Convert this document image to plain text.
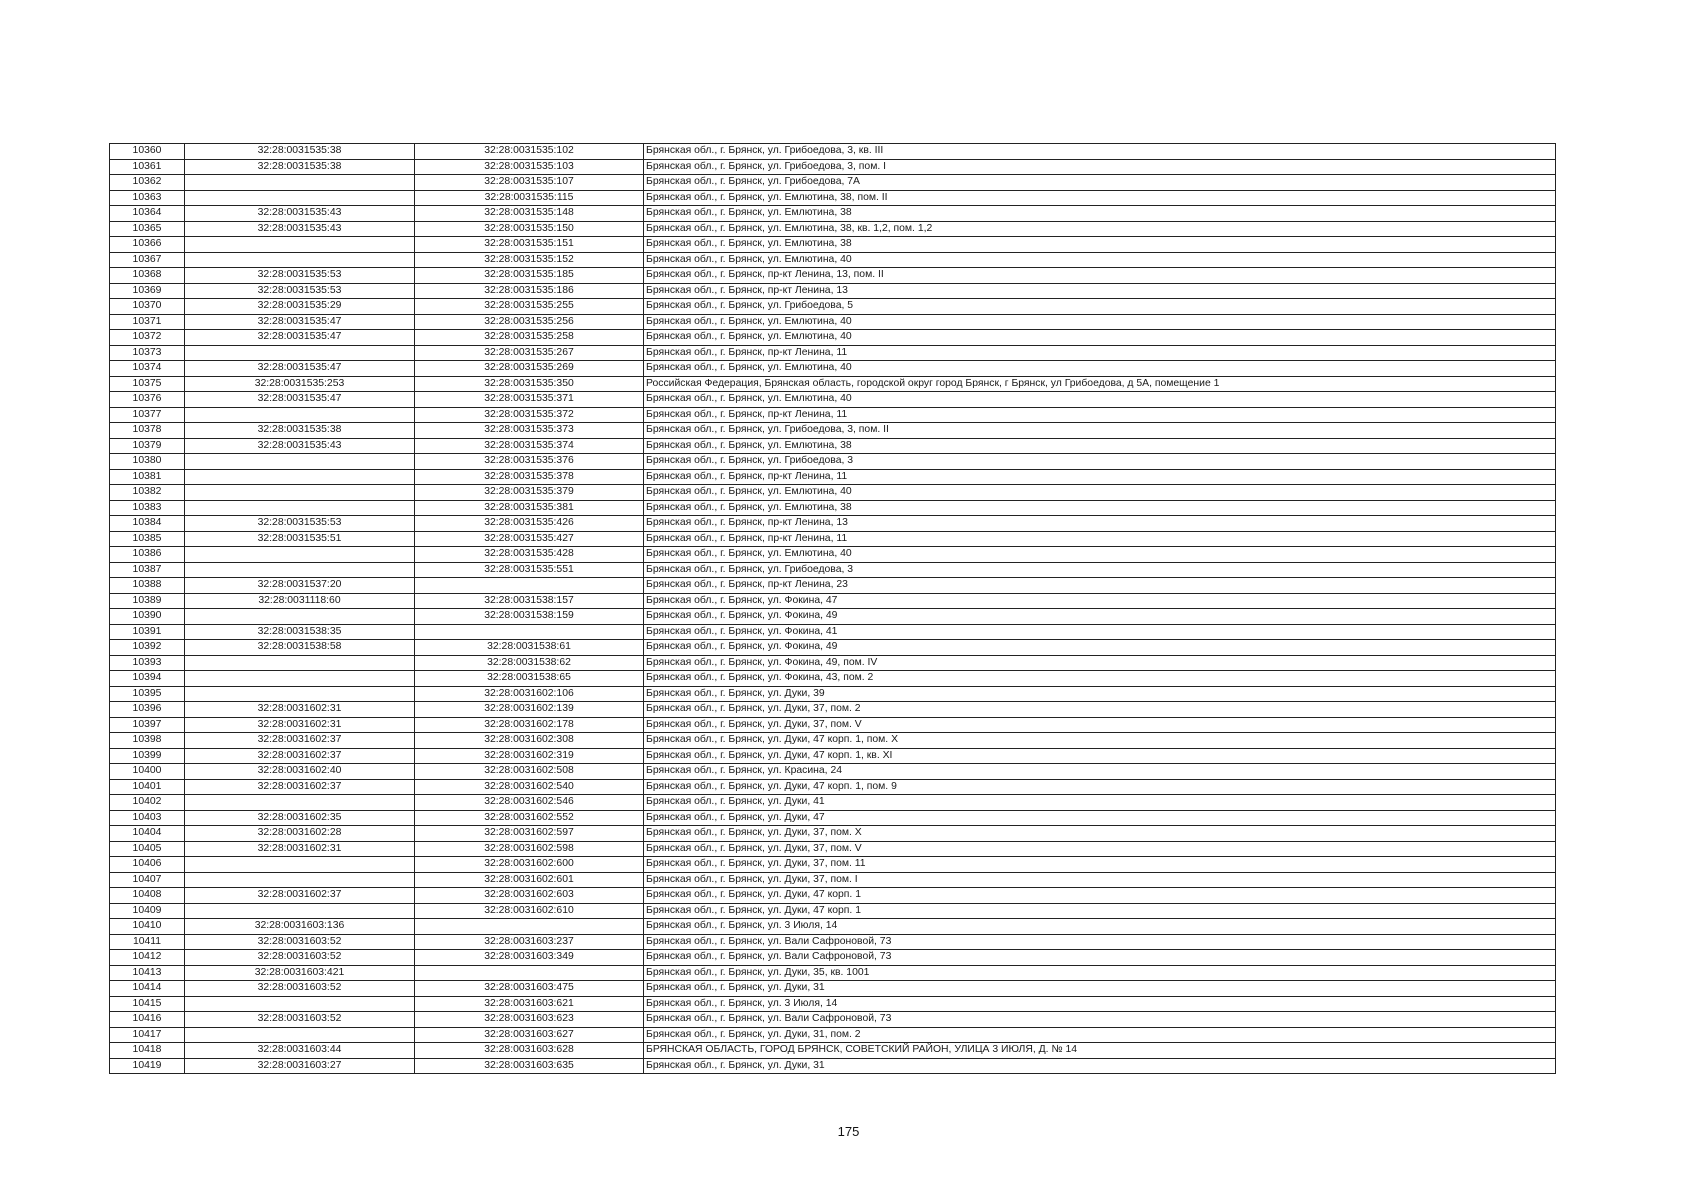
10360	32:28:0031535:38	32:28:0031535:102	Брянская обл., г. Брянск, ул. Грибоедова, 3, кв. III
10361	32:28:0031535:38	32:28:0031535:103	Брянская обл., г. Брянск, ул. Грибоедова, 3, пом. I
10362		32:28:0031535:107	Брянская обл., г. Брянск, ул. Грибоедова, 7А
10363		32:28:0031535:115	Брянская обл., г. Брянск, ул. Емлютина, 38, пом. II
10364	32:28:0031535:43	32:28:0031535:148	Брянская обл., г. Брянск, ул. Емлютина, 38
10365	32:28:0031535:43	32:28:0031535:150	Брянская обл., г. Брянск, ул. Емлютина, 38, кв. 1,2, пом. 1,2
10366		32:28:0031535:151	Брянская обл., г. Брянск, ул. Емлютина, 38
10367		32:28:0031535:152	Брянская обл., г. Брянск, ул. Емлютина, 40
10368	32:28:0031535:53	32:28:0031535:185	Брянская обл., г. Брянск, пр-кт Ленина, 13, пом. II
10369	32:28:0031535:53	32:28:0031535:186	Брянская обл., г. Брянск, пр-кт Ленина, 13
10370	32:28:0031535:29	32:28:0031535:255	Брянская обл., г. Брянск, ул. Грибоедова, 5
10371	32:28:0031535:47	32:28:0031535:256	Брянская обл., г. Брянск, ул. Емлютина, 40
10372	32:28:0031535:47	32:28:0031535:258	Брянская обл., г. Брянск, ул. Емлютина, 40
10373		32:28:0031535:267	Брянская обл., г. Брянск, пр-кт Ленина, 11
10374	32:28:0031535:47	32:28:0031535:269	Брянская обл., г. Брянск, ул. Емлютина, 40
10375	32:28:0031535:253	32:28:0031535:350	Российская Федерация, Брянская область, городской округ город Брянск, г Брянск, ул Грибоедова, д 5А, помещение 1
10376	32:28:0031535:47	32:28:0031535:371	Брянская обл., г. Брянск, ул. Емлютина, 40
10377		32:28:0031535:372	Брянская обл., г. Брянск, пр-кт Ленина, 11
10378	32:28:0031535:38	32:28:0031535:373	Брянская обл., г. Брянск, ул. Грибоедова, 3, пом. II
10379	32:28:0031535:43	32:28:0031535:374	Брянская обл., г. Брянск, ул. Емлютина, 38
10380		32:28:0031535:376	Брянская обл., г. Брянск, ул. Грибоедова, 3
10381		32:28:0031535:378	Брянская обл., г. Брянск, пр-кт Ленина, 11
10382		32:28:0031535:379	Брянская обл., г. Брянск, ул. Емлютина, 40
10383		32:28:0031535:381	Брянская обл., г. Брянск, ул. Емлютина, 38
10384	32:28:0031535:53	32:28:0031535:426	Брянская обл., г. Брянск, пр-кт Ленина, 13
10385	32:28:0031535:51	32:28:0031535:427	Брянская обл., г. Брянск, пр-кт Ленина, 11
10386		32:28:0031535:428	Брянская обл., г. Брянск, ул. Емлютина, 40
10387		32:28:0031535:551	Брянская обл., г. Брянск, ул. Грибоедова, 3
10388	32:28:0031537:20		Брянская обл., г. Брянск, пр-кт Ленина, 23
10389	32:28:0031118:60	32:28:0031538:157	Брянская обл., г. Брянск, ул. Фокина, 47
10390		32:28:0031538:159	Брянская обл., г. Брянск, ул. Фокина, 49
10391	32:28:0031538:35		Брянская обл., г. Брянск, ул. Фокина, 41
10392	32:28:0031538:58	32:28:0031538:61	Брянская обл., г. Брянск, ул. Фокина, 49
10393		32:28:0031538:62	Брянская обл., г. Брянск, ул. Фокина, 49, пом. IV
10394		32:28:0031538:65	Брянская обл., г. Брянск, ул. Фокина, 43, пом. 2
10395		32:28:0031602:106	Брянская обл., г. Брянск, ул. Дуки, 39
10396	32:28:0031602:31	32:28:0031602:139	Брянская обл., г. Брянск, ул. Дуки, 37, пом. 2
10397	32:28:0031602:31	32:28:0031602:178	Брянская обл., г. Брянск, ул. Дуки, 37, пом. V
10398	32:28:0031602:37	32:28:0031602:308	Брянская обл., г. Брянск, ул. Дуки, 47 корп. 1, пом. X
10399	32:28:0031602:37	32:28:0031602:319	Брянская обл., г. Брянск, ул. Дуки, 47 корп. 1, кв. XI
10400	32:28:0031602:40	32:28:0031602:508	Брянская обл., г. Брянск, ул. Красина, 24
10401	32:28:0031602:37	32:28:0031602:540	Брянская обл., г. Брянск, ул. Дуки, 47 корп. 1, пом. 9
10402		32:28:0031602:546	Брянская обл., г. Брянск, ул. Дуки, 41
10403	32:28:0031602:35	32:28:0031602:552	Брянская обл., г. Брянск, ул. Дуки, 47
10404	32:28:0031602:28	32:28:0031602:597	Брянская обл., г. Брянск, ул. Дуки, 37, пом. X
10405	32:28:0031602:31	32:28:0031602:598	Брянская обл., г. Брянск, ул. Дуки, 37, пом. V
10406		32:28:0031602:600	Брянская обл., г. Брянск, ул. Дуки, 37, пом. 11
10407		32:28:0031602:601	Брянская обл., г. Брянск, ул. Дуки, 37, пом. I
10408	32:28:0031602:37	32:28:0031602:603	Брянская обл., г. Брянск, ул. Дуки, 47 корп. 1
10409		32:28:0031602:610	Брянская обл., г. Брянск, ул. Дуки, 47 корп. 1
10410	32:28:0031603:136		Брянская обл., г. Брянск, ул. 3 Июля, 14
10411	32:28:0031603:52	32:28:0031603:237	Брянская обл., г. Брянск, ул. Вали Сафроновой, 73
10412	32:28:0031603:52	32:28:0031603:349	Брянская обл., г. Брянск, ул. Вали Сафроновой, 73
10413	32:28:0031603:421		Брянская обл., г. Брянск, ул. Дуки, 35, кв. 1001
10414	32:28:0031603:52	32:28:0031603:475	Брянская обл., г. Брянск, ул. Дуки, 31
10415		32:28:0031603:621	Брянская обл., г. Брянск, ул. 3 Июля, 14
10416	32:28:0031603:52	32:28:0031603:623	Брянская обл., г. Брянск, ул. Вали Сафроновой, 73
10417		32:28:0031603:627	Брянская обл., г. Брянск, ул. Дуки, 31, пом. 2
10418	32:28:0031603:44	32:28:0031603:628	БРЯНСКАЯ ОБЛАСТЬ, ГОРОД БРЯНСК, СОВЕТСКИЙ РАЙОН, УЛИЦА 3 ИЮЛЯ, Д. № 14
10419	32:28:0031603:27	32:28:0031603:635	Брянская обл., г. Брянск, ул. Дуки, 31
175
